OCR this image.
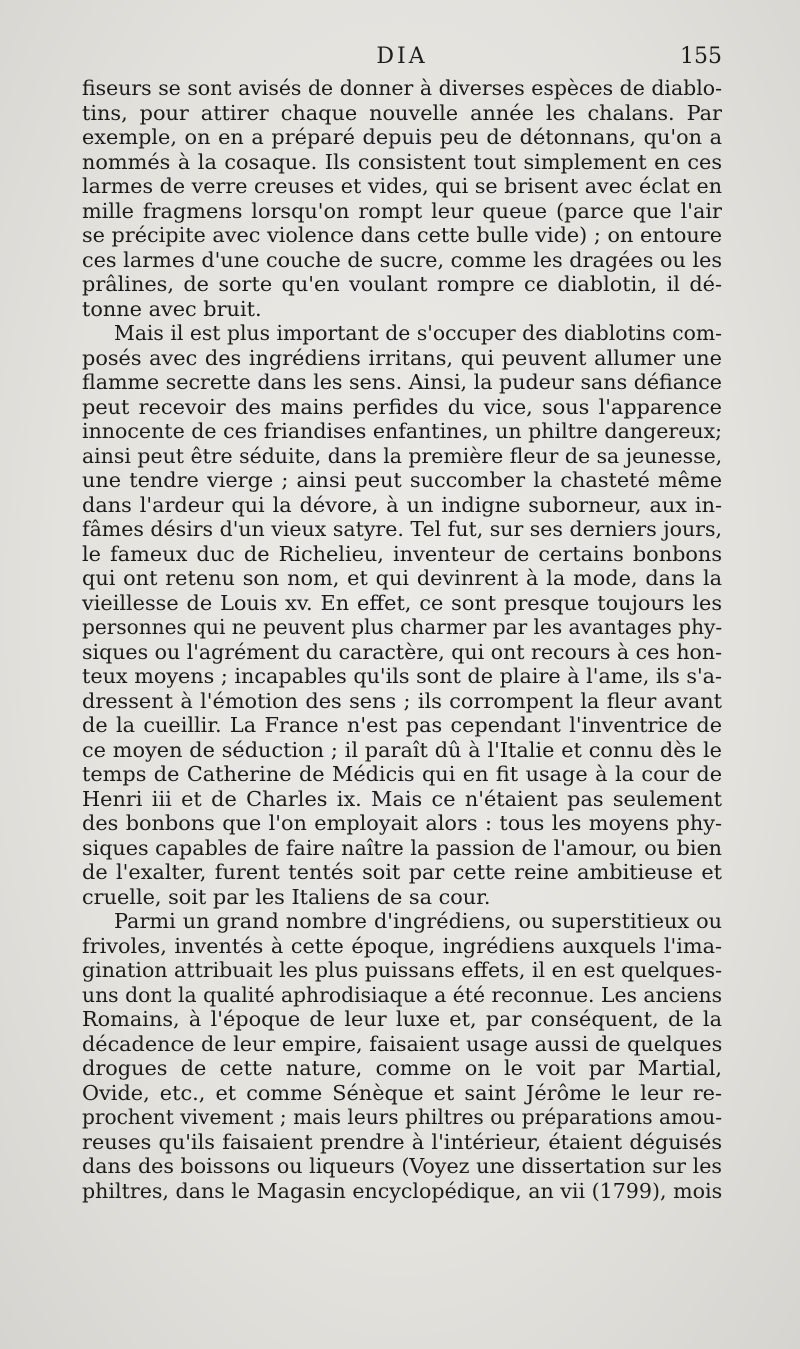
DIA	155
fiseurs se sont avisés de donner à diverses espèces de diablo-
tins, pour attirer chaque nouvelle année les chalans. Par
exemple, on en a préparé depuis peu de détonnans, qu'on a
nommés à la cosaque. Ils consistent tout simplement en ces
larmes de verre creuses et vides, qui se brisent avec éclat en
mille fragmens lorsqu'on rompt leur queue (parce que l'air
se précipite avec violence dans cette bulle vide) ; on entoure
ces larmes d'une couche de sucre, comme les dragées ou les
prâlines, de sorte qu'en voulant rompre ce diablotin, il dé-
tonne avec bruit.
Mais il est plus important de s'occuper des diablotins com-
posés avec des ingrédiens irritans, qui peuvent allumer une
flamme secrette dans les sens. Ainsi, la pudeur sans défiance
peut recevoir des mains perfides du vice, sous l'apparence
innocente de ces friandises enfantines, un philtre dangereux;
ainsi peut être séduite, dans la première fleur de sa jeunesse,
une tendre vierge ; ainsi peut succomber la chasteté même
dans l'ardeur qui la dévore, à un indigne suborneur, aux in-
fâmes désirs d'un vieux satyre. Tel fut, sur ses derniers jours,
le fameux duc de Richelieu, inventeur de certains bonbons
qui ont retenu son nom, et qui devinrent à la mode, dans la
vieillesse de Louis xv. En effet, ce sont presque toujours les
personnes qui ne peuvent plus charmer par les avantages phy-
siques ou l'agrément du caractère, qui ont recours à ces hon-
teux moyens ; incapables qu'ils sont de plaire à l'ame, ils s'a-
dressent à l'émotion des sens ; ils corrompent la fleur avant
de la cueillir. La France n'est pas cependant l'inventrice de
ce moyen de séduction ; il paraît dû à l'Italie et connu dès le
temps de Catherine de Médicis qui en fit usage à la cour de
Henri iii et de Charles ix. Mais ce n'étaient pas seulement
des bonbons que l'on employait alors : tous les moyens phy-
siques capables de faire naître la passion de l'amour, ou bien
de l'exalter, furent tentés soit par cette reine ambitieuse et
cruelle, soit par les Italiens de sa cour.
Parmi un grand nombre d'ingrédiens, ou superstitieux ou
frivoles, inventés à cette époque, ingrédiens auxquels l'ima-
gination attribuait les plus puissans effets, il en est quelques-
uns dont la qualité aphrodisiaque a été reconnue. Les anciens
Romains, à l'époque de leur luxe et, par conséquent, de la
décadence de leur empire, faisaient usage aussi de quelques
drogues de cette nature, comme on le voit par Martial,
Ovide, etc., et comme Sénèque et saint Jérôme le leur re-
prochent vivement ; mais leurs philtres ou préparations amou-
reuses qu'ils faisaient prendre à l'intérieur, étaient déguisés
dans des boissons ou liqueurs (Voyez une dissertation sur les
philtres, dans le Magasin encyclopédique, an vii (1799), mois
